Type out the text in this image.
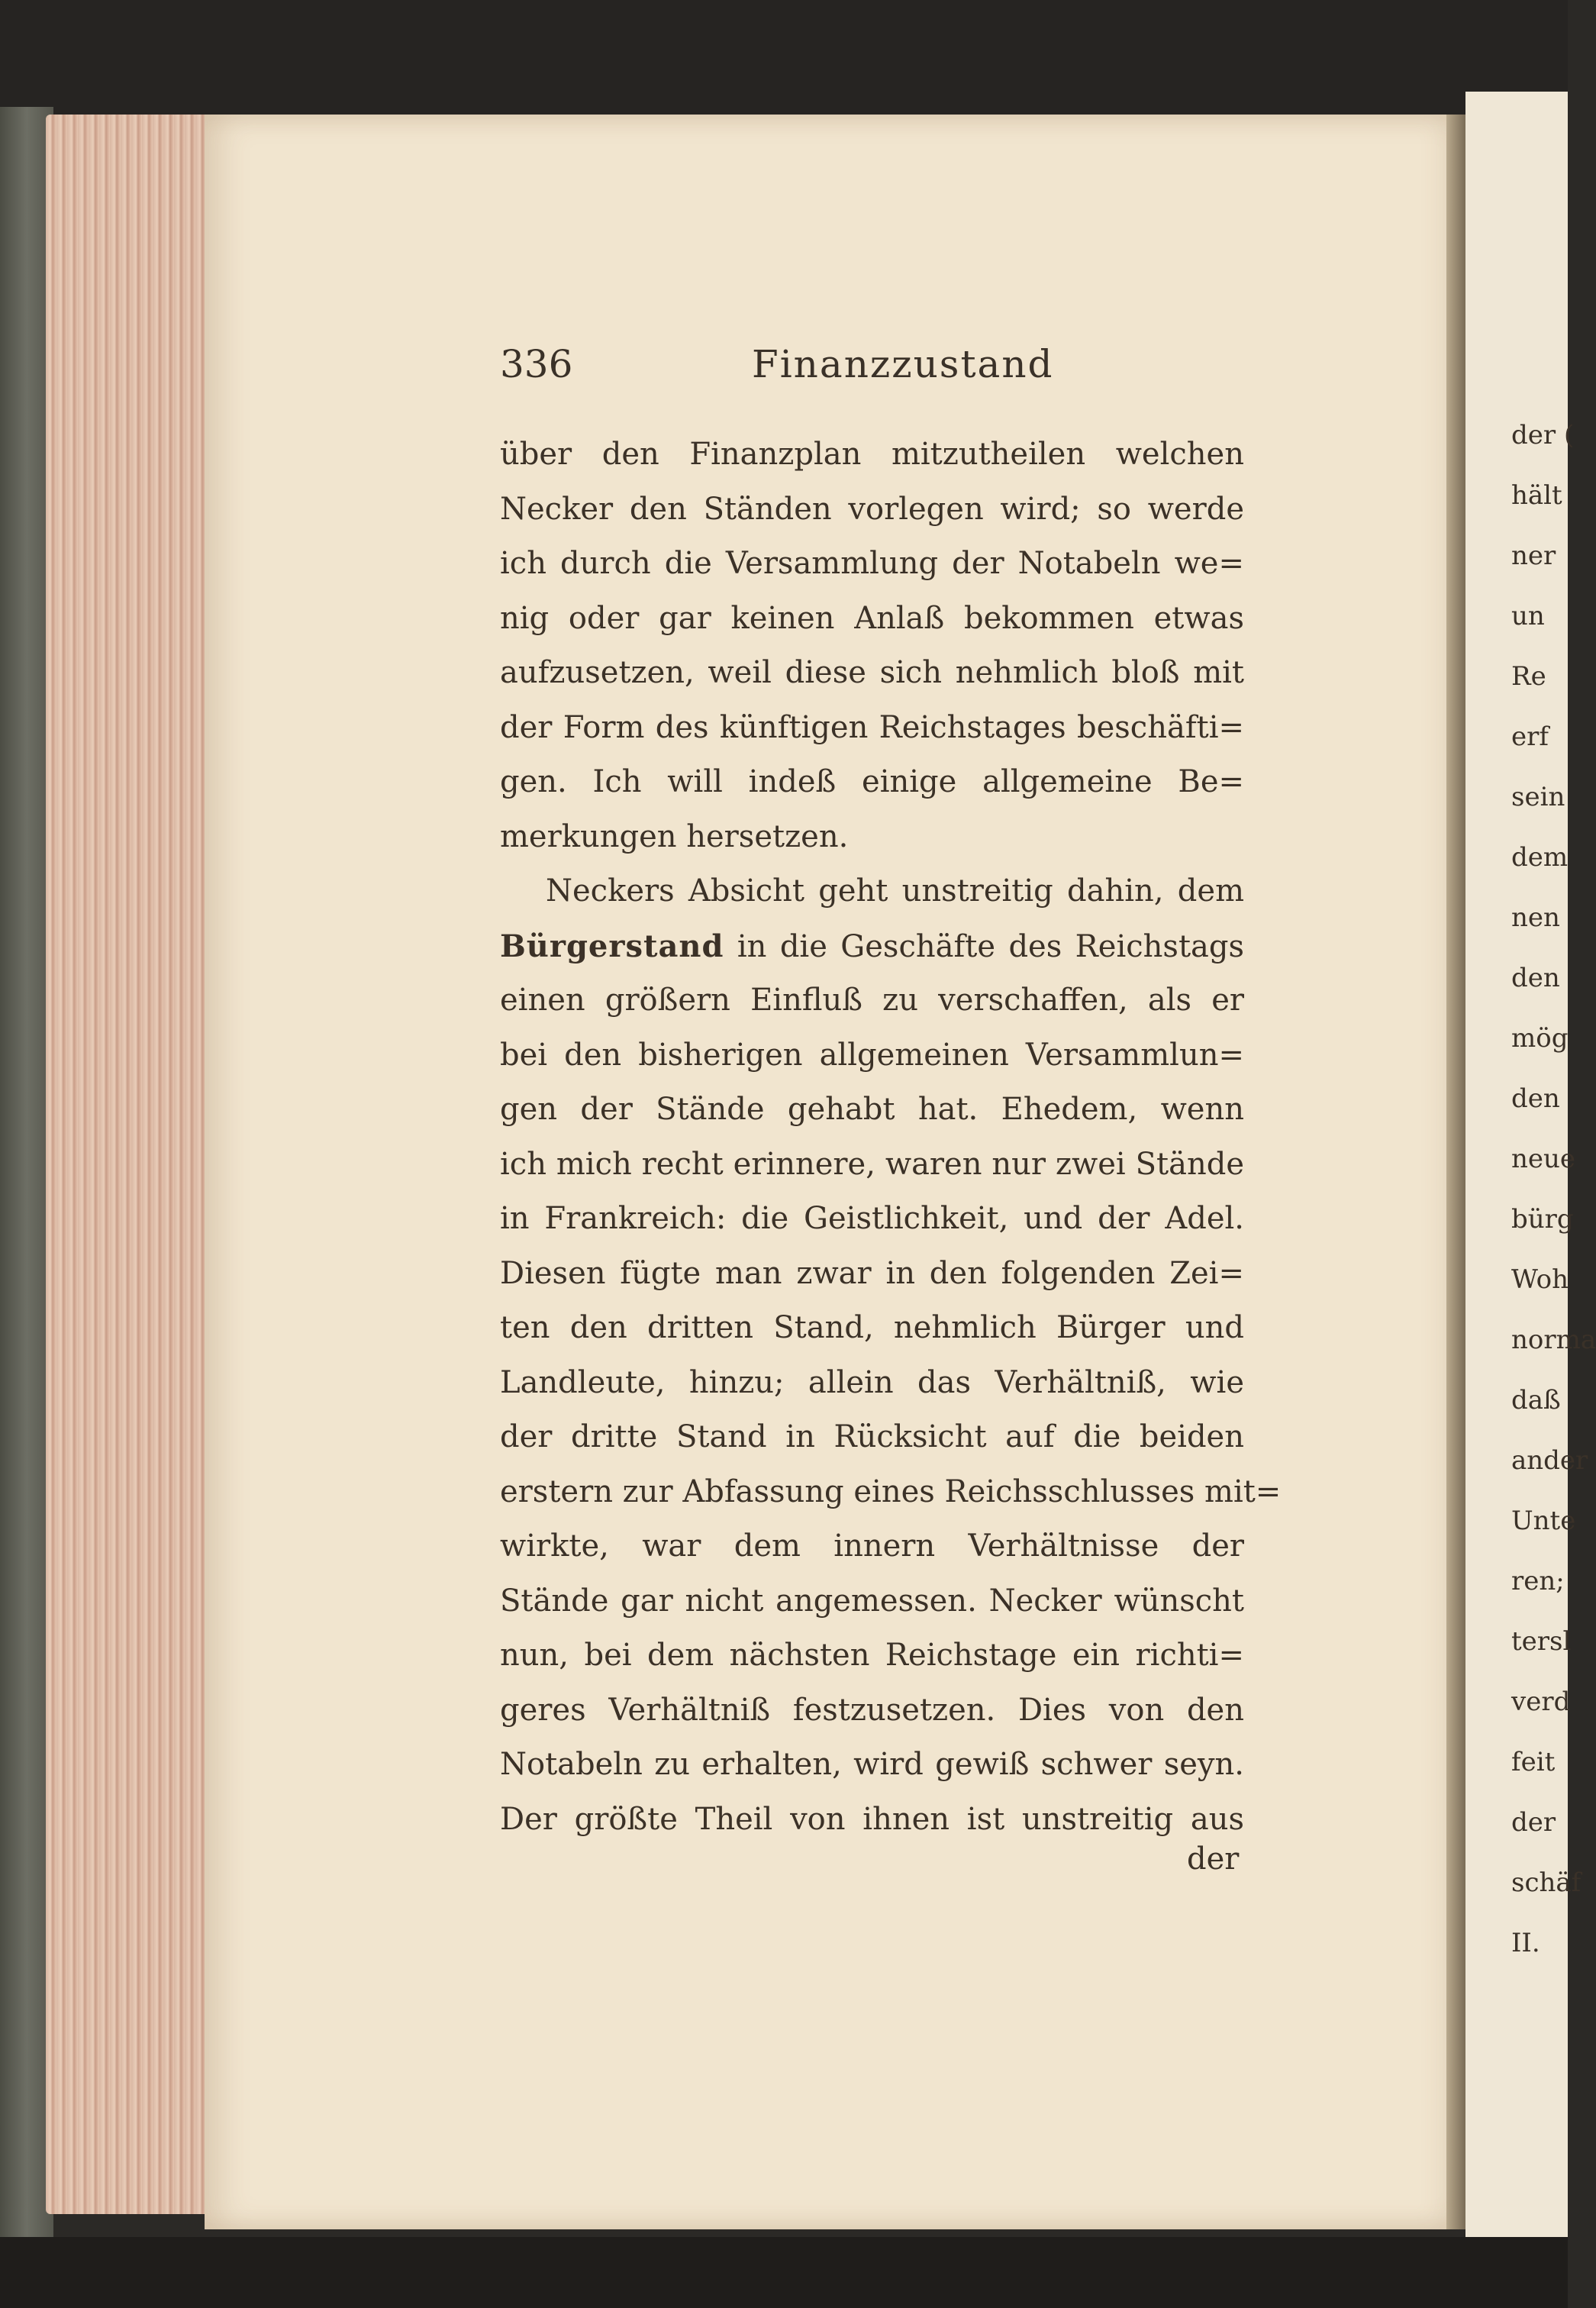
der (
hält
ner
un
Re
erf
sein
dem
nen
den
mög
den
neue
bürg
Woh
norma
daß
ander
Unte
ren;
tersl
verd
feit
der
schäf
II.
336	Finanzzustand
über den Finanzplan mitzutheilen welchen
Necker den Ständen vorlegen wird; so werde
ich durch die Versammlung der Notabeln we=
nig oder gar keinen Anlaß bekommen etwas
aufzusetzen, weil diese sich nehmlich bloß mit
der Form des künftigen Reichstages beschäfti=
gen. Ich will indeß einige allgemeine Be=
merkungen hersetzen.
Neckers Absicht geht unstreitig dahin, dem
Bürgerstand in die Geschäfte des Reichstags
einen größern Einfluß zu verschaffen, als er
bei den bisherigen allgemeinen Versammlun=
gen der Stände gehabt hat. Ehedem, wenn
ich mich recht erinnere, waren nur zwei Stände
in Frankreich: die Geistlichkeit, und der Adel.
Diesen fügte man zwar in den folgenden Zei=
ten den dritten Stand, nehmlich Bürger und
Landleute, hinzu; allein das Verhältniß, wie
der dritte Stand in Rücksicht auf die beiden
erstern zur Abfassung eines Reichsschlusses mit=
wirkte, war dem innern Verhältnisse der
Stände gar nicht angemessen. Necker wünscht
nun, bei dem nächsten Reichstage ein richti=
geres Verhältniß festzusetzen. Dies von den
Notabeln zu erhalten, wird gewiß schwer seyn.
Der größte Theil von ihnen ist unstreitig aus
der
